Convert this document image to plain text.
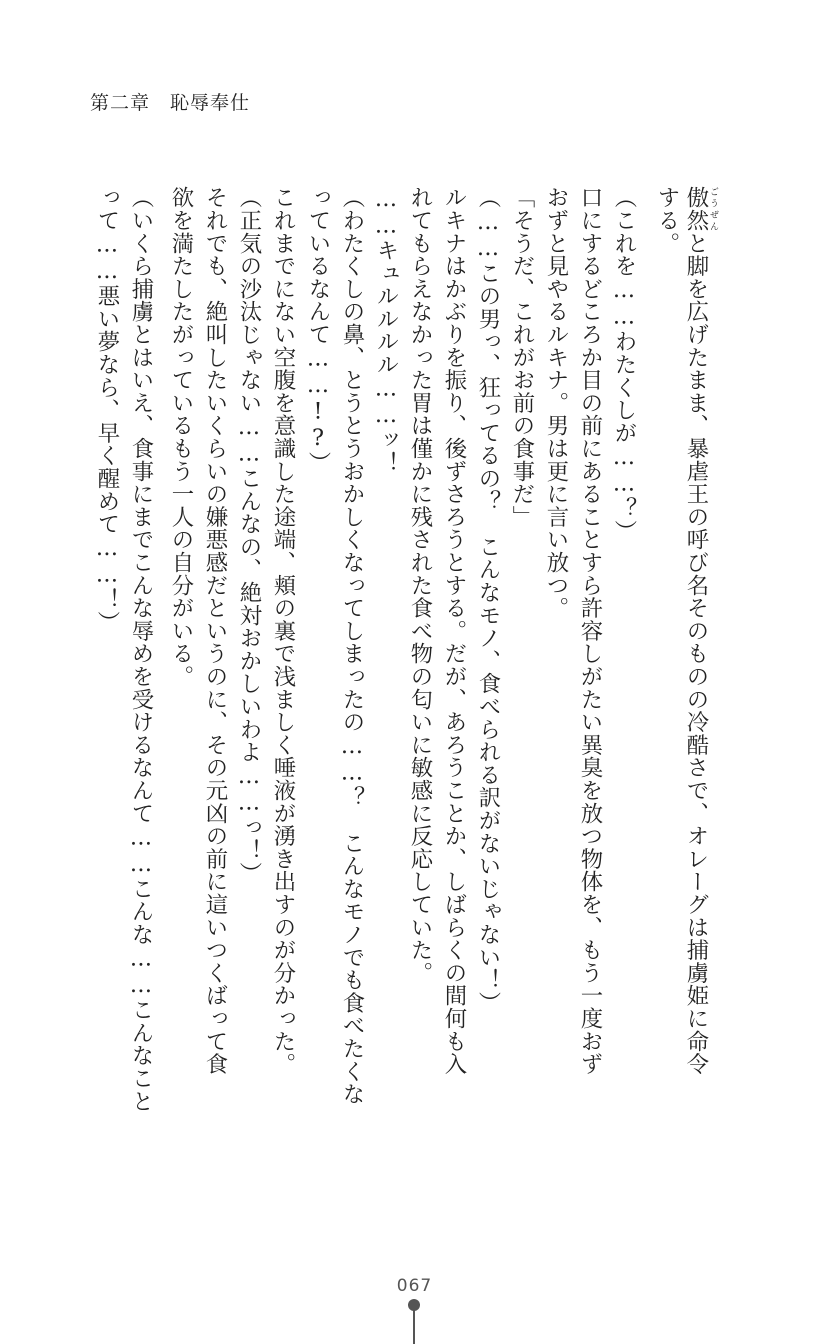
第二章　 恥辱奉仕
傲然 ごうぜんと脚を広げたまま、暴虐王の呼び名そのものの冷酷さで、オレーグは捕虜姫に命令
する。
（これを……わたくしが……？）
口にするどころか目の前にあることすら許容しがたい異臭を放つ物体を、もう一度おず
おずと見やるルキナ。男は更に言い放つ。
「そうだ、これがお前の食事だ」
（……この男っ、狂ってるの？　こんなモノ、食べられる訳がないじゃない！）
ルキナはかぶりを振り、後ずさろうとする。だが、あろうことか、しばらくの間何も入
れてもらえなかった胃は僅かに残された食べ物の匂いに敏感に反応していた。
……キュルルルル……ッ！
（わたくしの鼻、とうとうおかしくなってしまったの……？　こんなモノでも食べたくな
っているなんて……!?）
これまでにない空腹を意識した途端、頬の裏で浅ましく唾液が湧き出すのが分かった。
（正気の沙汰じゃない……こんなの、絶対おかしいわよ……っ！）
それでも、絶叫したいくらいの嫌悪感だというのに、その元凶の前に這いつくばって食
欲を満たしたがっているもう一人の自分がいる。
（いくら捕虜とはいえ、食事にまでこんな辱めを受けるなんて……こんな……こんなこと
って……悪い夢なら、早く醒めて……！）
067
